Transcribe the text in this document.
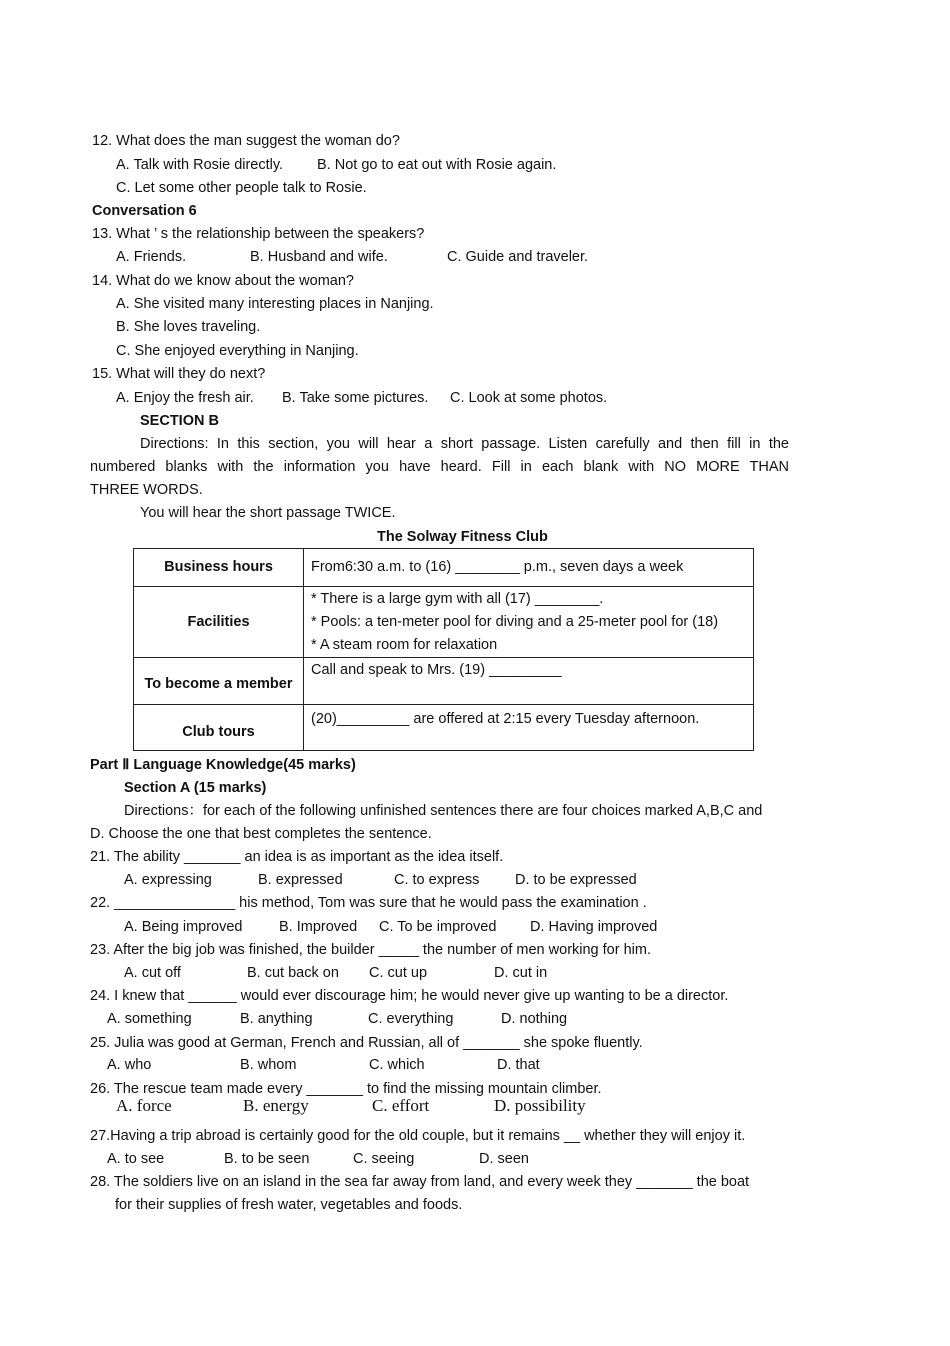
12. What does the man suggest the woman do?
A. Talk with Rosie directly. B. Not go to eat out with Rosie again.
C. Let some other people talk to Rosie.
Conversation 6
13. What ’ s the relationship between the speakers?
A. Friends.	B. Husband and wife.	C. Guide and traveler.
14. What do we know about the woman?
A. She visited many interesting places in Nanjing.
B. She loves traveling.
C. She enjoyed everything in Nanjing.
15. What will they do next?
A. Enjoy the fresh air. B. Take some pictures. C. Look at some photos.
SECTION B
Directions: In this section, you will hear a short passage. Listen carefully and then fill in the
numbered blanks with the information you have heard. Fill in each blank with NO MORE THAN
THREE WORDS.
You will hear the short passage TWICE.
The Solway Fitness Club
Business hours	From6:30 a.m. to (16) ________ p.m., seven days a week

Facilities	* There is a large gym with all (17) ________.
* Pools: a ten-meter pool for diving and a 25-meter pool for (18)
* A steam room for relaxation

To become a member	Call and speak to Mrs. (19) _________

Club tours	(20)_________ are offered at 2:15 every Tuesday afternoon.
Part Ⅱ Language Knowledge(45 marks)
Section A (15 marks)
Directions：for each of the following unfinished sentences there are four choices marked A,B,C and
D. Choose the one that best completes the sentence.
21. The ability _______ an idea is as important as the idea itself.
A. expressing	B. expressed	C. to express D. to be expressed
22. _______________ his method, Tom was sure that he would pass the examination .
A. Being improved	B. Improved C. To be improved D. Having improved
23. After the big job was finished, the builder _____ the number of men working for him.
A. cut off	B. cut back on C. cut up	D. cut in
24. I knew that ______ would ever discourage him; he would never give up wanting to be a director.
A. something	B. anything	C. everything	D. nothing
25. Julia was good at German, French and Russian, all of _______ she spoke fluently.
A. who	B. whom	C. which	D. that
26. The rescue team made every _______ to find the missing mountain climber.
A. force	B. energy	C. effort	D. possibility
27.Having a trip abroad is certainly good for the old couple, but it remains __ whether they will enjoy it.
A. to see	B. to be seen	C. seeing	D. seen
28. The soldiers live on an island in the sea far away from land, and every week they _______ the boat
for their supplies of fresh water, vegetables and foods.
